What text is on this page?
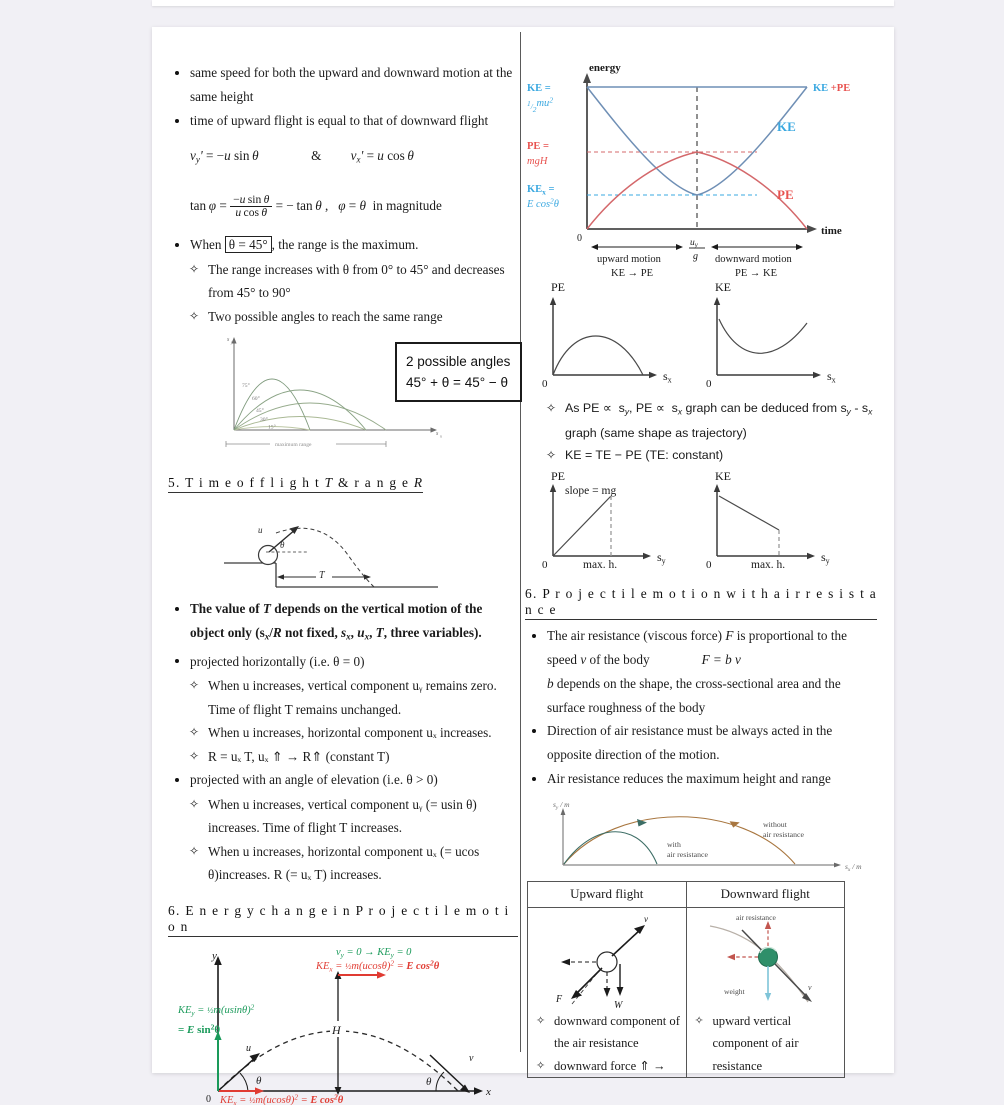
same speed for both the upward and downward motion at the same height
time of upward flight is equal to that of downward flight
$v_y' = -u$ sin θ	& $v_x' = u$ cos θ
$\tan \varphi = \frac{\text{−u sin θ}}{\text{u cos θ}}$ = − tan θ ,   φ = θ  in magnitude
When θ = 45° , the range is the maximum.
✧ The range increases with θ from 0° to 45° and decreases from 45° to 90°
✧ Two possible angles to reach the same range
s y
s x
75°
60°
45°
30°
15°
maximum range
2 possible angles
45° + θ = 45° − θ
5. T i m e o f f l i g h t T & r a n g e R
u
θ
T
The value of T depends on the vertical motion of the object only ($s_x/R$ not fixed, $s_x$, $u_x$, T, three variables).
projected horizontally (i.e. θ = 0)
✧ When u increases, vertical component uᵧ remains zero. Time of flight T remains unchanged.
✧ When u increases, horizontal component uₓ increases.
✧ R = uₓ T, uₓ ⇑ → R⇑ (constant T)
projected with an angle of elevation (i.e. θ > 0)
✧ When u increases, vertical component uᵧ (= usin θ) increases. Time of flight T increases.
✧ When u increases, horizontal component uₓ (= ucos θ)increases. R (= uₓ T) increases.
6. E n e r g y c h a n g e i n P r o j e c t i l e m o t i o n
y
x
0
u
θ
v
θ
H
$KE_y$ = $\frac{1}{2}m(usin\theta)^2$
= E $\sin^2\theta$
$v_y = 0 \to KE_y = 0$
$KE_x$ = $\frac{1}{2}m(ucos\theta)^2 = E$ $\cos^2\theta$
$KE_x$ = $\frac{1}{2}m(ucos\theta)^2 = E$ $\cos^2\theta$
energy
time
0
KE =
$1_{/2}mu^2$
PE =
mgH
$KE_x$ =
E $\cos^2\theta$
KE +PE
KE
PE
$u_y$
g
upward motion
KE → PE
downward motion
PE → KE
PE
0
$s_x$
KE
0
$s_x$
✧ As PE ∝  $s_y$, PE ∝  $s_x$ graph can be deduced from $s_y - s_x$ graph (same shape as trajectory)
✧ KE = TE − PE (TE: constant)
PE
0
$s_y$
slope = mg
max. h.
KE
0
$s_y$
max. h.
6. P r o j e c t i l e m o t i o n w i t h a i r r e s i s t a n c e
The air resistance (viscous force) F is proportional to the speed v of the body	F = b v
b depends on the shape, the cross-sectional area and the surface roughness of the body
Direction of air resistance must be always acted in the opposite direction of the motion.
Air resistance reduces the maximum height and range
$s_y$ / m
$s_x$ / m
with
air resistance
without
air resistance
Upward flight	Downward flight

v
F
W
✧ downward component of the air resistance
✧ downward force ⇑ →

v
air resistance
weight
✧ upward vertical component of air resistance
